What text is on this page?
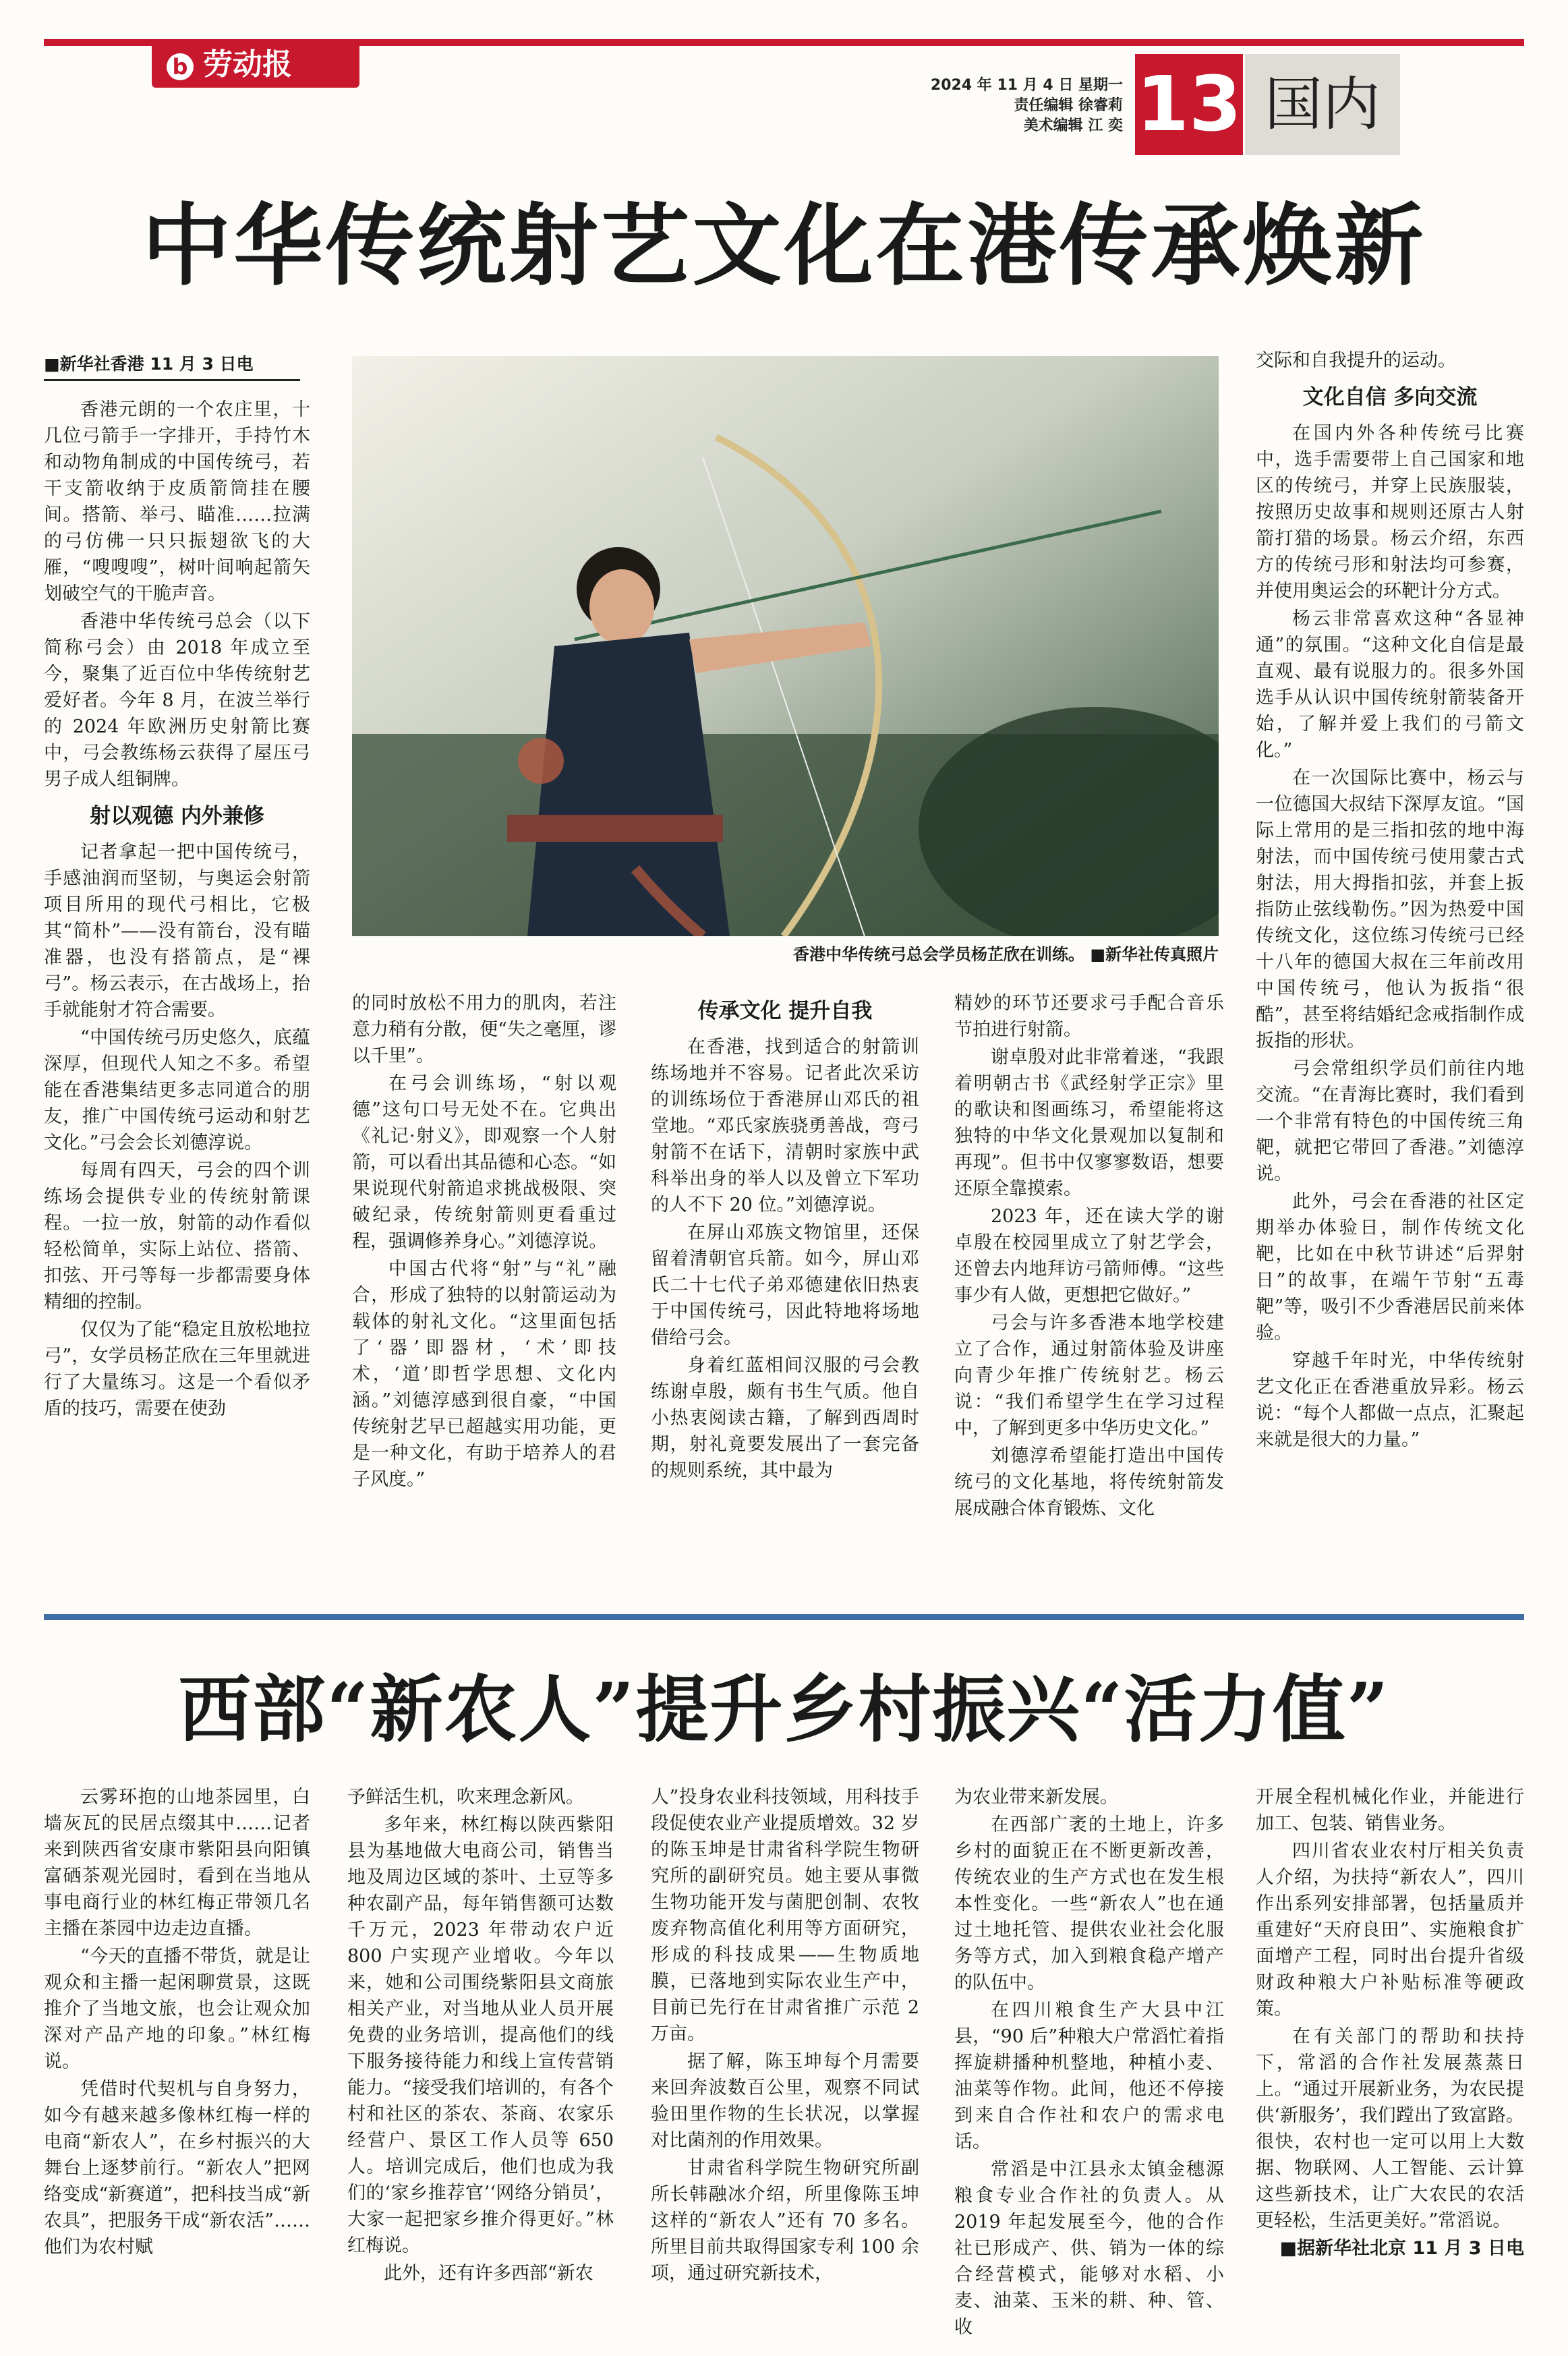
b 劳动报
2024 年 11 月 4 日 星期一
责任编辑 徐睿莉
美术编辑 江 奕 13 国内
中华传统射艺文化在港传承焕新
■新华社香港 11 月 3 日电

香港元朗的一个农庄里，十几位弓箭手一字排开，手持竹木和动物角制成的中国传统弓，若干支箭收纳于皮质箭筒挂在腰间。搭箭、举弓、瞄准……拉满的弓仿佛一只只振翅欲飞的大雁，“嗖嗖嗖”，树叶间响起箭矢划破空气的干脆声音。

香港中华传统弓总会（以下简称弓会）由 2018 年成立至今，聚集了近百位中华传统射艺爱好者。今年 8 月，在波兰举行的 2024 年欧洲历史射箭比赛中，弓会教练杨云获得了屋压弓男子成人组铜牌。

射以观德 内外兼修

记者拿起一把中国传统弓，手感油润而坚韧，与奥运会射箭项目所用的现代弓相比，它极其“简朴”——没有箭台，没有瞄准器，也没有搭箭点，是“裸弓”。杨云表示，在古战场上，抬手就能射才符合需要。

“中国传统弓历史悠久，底蕴深厚，但现代人知之不多。希望能在香港集结更多志同道合的朋友，推广中国传统弓运动和射艺文化。”弓会会长刘德淳说。

每周有四天，弓会的四个训练场会提供专业的传统射箭课程。一拉一放，射箭的动作看似轻松简单，实际上站位、搭箭、扣弦、开弓等每一步都需要身体精细的控制。

仅仅为了能“稳定且放松地拉弓”，女学员杨芷欣在三年里就进行了大量练习。这是一个看似矛盾的技巧，需要在使劲

香港中华传统弓总会学员杨芷欣在训练。 ■新华社传真照片

的同时放松不用力的肌肉，若注意力稍有分散，便“失之毫厘，谬以千里”。

在弓会训练场，“射以观德”这句口号无处不在。它典出《礼记·射义》，即观察一个人射箭，可以看出其品德和心态。“如果说现代射箭追求挑战极限、突破纪录，传统射箭则更看重过程，强调修养身心。”刘德淳说。

中国古代将“射”与“礼”融合，形成了独特的以射箭运动为载体的射礼文化。“这里面包括了‘器’即器材，‘术’即技术，‘道’即哲学思想、文化内涵。”刘德淳感到很自豪，“中国传统射艺早已超越实用功能，更是一种文化，有助于培养人的君子风度。”

传承文化 提升自我

在香港，找到适合的射箭训练场地并不容易。记者此次采访的训练场位于香港屏山邓氏的祖堂地。“邓氏家族骁勇善战，弯弓射箭不在话下，清朝时家族中武科举出身的举人以及曾立下军功的人不下 20 位。”刘德淳说。

在屏山邓族文物馆里，还保留着清朝官兵箭。如今，屏山邓氏二十七代子弟邓德建依旧热衷于中国传统弓，因此特地将场地借给弓会。

身着红蓝相间汉服的弓会教练谢卓殷，颇有书生气质。他自小热衷阅读古籍，了解到西周时期，射礼竟要发展出了一套完备的规则系统，其中最为

精妙的环节还要求弓手配合音乐节拍进行射箭。

谢卓殷对此非常着迷，“我跟着明朝古书《武经射学正宗》里的歌诀和图画练习，希望能将这独特的中华文化景观加以复制和再现”。但书中仅寥寥数语，想要还原全靠摸索。

2023 年，还在读大学的谢卓殷在校园里成立了射艺学会，还曾去内地拜访弓箭师傅。“这些事少有人做，更想把它做好。”

弓会与许多香港本地学校建立了合作，通过射箭体验及讲座向青少年推广传统射艺。杨云说：“我们希望学生在学习过程中，了解到更多中华历史文化。”

刘德淳希望能打造出中国传统弓的文化基地，将传统射箭发展成融合体育锻炼、文化

交际和自我提升的运动。

文化自信 多向交流

在国内外各种传统弓比赛中，选手需要带上自己国家和地区的传统弓，并穿上民族服装，按照历史故事和规则还原古人射箭打猎的场景。杨云介绍，东西方的传统弓形和射法均可参赛，并使用奥运会的环靶计分方式。

杨云非常喜欢这种“各显神通”的氛围。“这种文化自信是最直观、最有说服力的。很多外国选手从认识中国传统射箭装备开始，了解并爱上我们的弓箭文化。”

在一次国际比赛中，杨云与一位德国大叔结下深厚友谊。“国际上常用的是三指扣弦的地中海射法，而中国传统弓使用蒙古式射法，用大拇指扣弦，并套上扳指防止弦线勒伤。”因为热爱中国传统文化，这位练习传统弓已经十八年的德国大叔在三年前改用中国传统弓，他认为扳指“很酷”，甚至将结婚纪念戒指制作成扳指的形状。

弓会常组织学员们前往内地交流。“在青海比赛时，我们看到一个非常有特色的中国传统三角靶，就把它带回了香港。”刘德淳说。

此外，弓会在香港的社区定期举办体验日，制作传统文化靶，比如在中秋节讲述“后羿射日”的故事，在端午节射“五毒靶”等，吸引不少香港居民前来体验。

穿越千年时光，中华传统射艺文化正在香港重放异彩。杨云说：“每个人都做一点点，汇聚起来就是很大的力量。”

西部“新农人”提升乡村振兴“活力值”

云雾环抱的山地茶园里，白墙灰瓦的民居点缀其中……记者来到陕西省安康市紫阳县向阳镇富硒茶观光园时，看到在当地从事电商行业的林红梅正带领几名主播在茶园中边走边直播。

“今天的直播不带货，就是让观众和主播一起闲聊赏景，这既推介了当地文旅，也会让观众加深对产品产地的印象。”林红梅说。

凭借时代契机与自身努力，如今有越来越多像林红梅一样的电商“新农人”，在乡村振兴的大舞台上逐梦前行。“新农人”把网络变成“新赛道”，把科技当成“新农具”，把服务干成“新农活”……他们为农村赋

予鲜活生机，吹来理念新风。

多年来，林红梅以陕西紫阳县为基地做大电商公司，销售当地及周边区域的茶叶、土豆等多种农副产品，每年销售额可达数千万元，2023 年带动农户近 800 户实现产业增收。今年以来，她和公司围绕紫阳县文商旅相关产业，对当地从业人员开展免费的业务培训，提高他们的线下服务接待能力和线上宣传营销能力。“接受我们培训的，有各个村和社区的茶农、茶商、农家乐经营户、景区工作人员等 650 人。培训完成后，他们也成为我们的‘家乡推荐官’‘网络分销员’，大家一起把家乡推介得更好。”林红梅说。

此外，还有许多西部“新农

人”投身农业科技领域，用科技手段促使农业产业提质增效。32 岁的陈玉坤是甘肃省科学院生物研究所的副研究员。她主要从事微生物功能开发与菌肥创制、农牧废弃物高值化利用等方面研究，形成的科技成果——生物质地膜，已落地到实际农业生产中，目前已先行在甘肃省推广示范 2 万亩。

据了解，陈玉坤每个月需要来回奔波数百公里，观察不同试验田里作物的生长状况，以掌握对比菌剂的作用效果。

甘肃省科学院生物研究所副所长韩融冰介绍，所里像陈玉坤这样的“新农人”还有 70 多名。所里目前共取得国家专利 100 余项，通过研究新技术，

为农业带来新发展。

在西部广袤的土地上，许多乡村的面貌正在不断更新改善，传统农业的生产方式也在发生根本性变化。一些“新农人”也在通过土地托管、提供农业社会化服务等方式，加入到粮食稳产增产的队伍中。

在四川粮食生产大县中江县，“90 后”种粮大户常滔忙着指挥旋耕播种机整地，种植小麦、油菜等作物。此间，他还不停接到来自合作社和农户的需求电话。

常滔是中江县永太镇金穗源粮食专业合作社的负责人。从 2019 年起发展至今，他的合作社已形成产、供、销为一体的综合经营模式，能够对水稻、小麦、油菜、玉米的耕、种、管、收

开展全程机械化作业，并能进行加工、包装、销售业务。

四川省农业农村厅相关负责人介绍，为扶持“新农人”，四川作出系列安排部署，包括量质并重建好“天府良田”、实施粮食扩面增产工程，同时出台提升省级财政种粮大户补贴标准等硬政策。

在有关部门的帮助和扶持下，常滔的合作社发展蒸蒸日上。“通过开展新业务，为农民提供‘新服务’，我们蹚出了致富路。很快，农村也一定可以用上大数据、物联网、人工智能、云计算这些新技术，让广大农民的农活更轻松，生活更美好。”常滔说。

■据新华社北京 11 月 3 日电
